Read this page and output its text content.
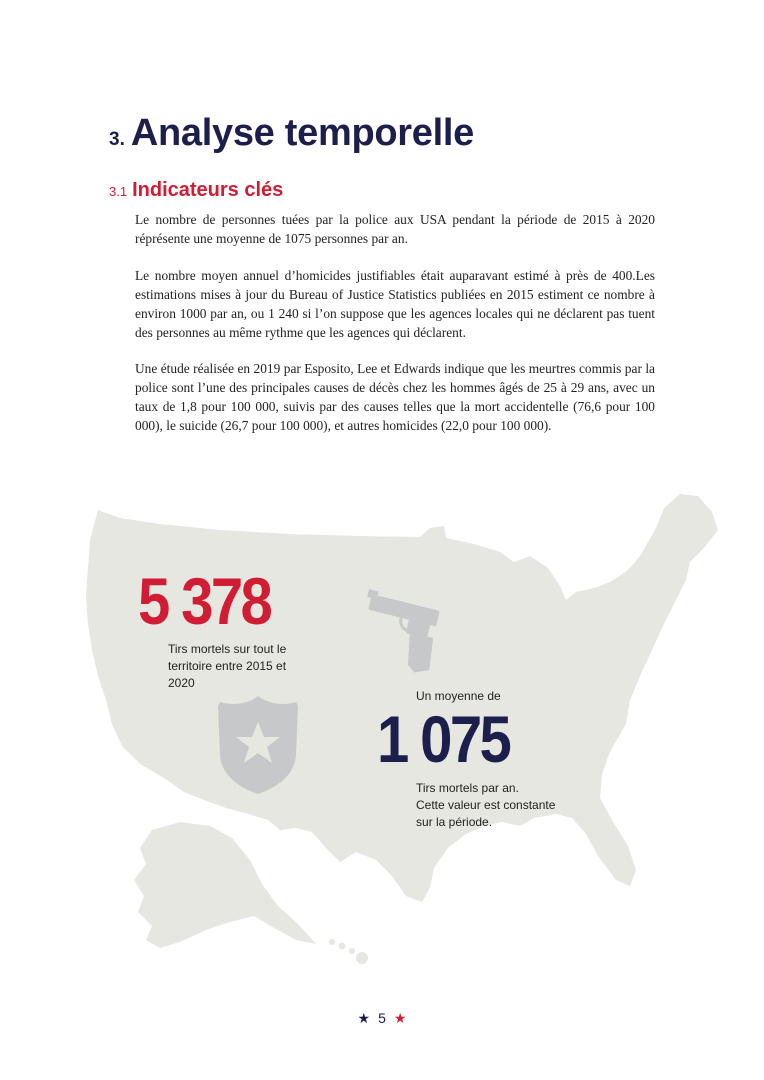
3. Analyse temporelle
3.1 Indicateurs clés

Le nombre de personnes tuées par la police aux USA pendant la période de 2015 à 2020 réprésente une moyenne de 1075 personnes par an.

Le nombre moyen annuel d’homicides justifiables était auparavant estimé à près de 400.Les estimations mises à jour du Bureau of Justice Statistics publiées en 2015 estiment ce nombre à environ 1000 par an, ou 1 240 si l’on suppose que les agences locales qui ne déclarent pas tuent des personnes au même rythme que les agences qui déclarent.

Une étude réalisée en 2019 par Esposito, Lee et Edwards indique que les meurtres commis par la police sont l’une des principales causes de décès chez les hommes âgés de 25 à 29 ans, avec un taux de 1,8 pour 100 000, suivis par des causes telles que la mort accidentelle (76,6 pour 100 000), le suicide (26,7 pour 100 000), et autres homicides (22,0 pour 100 000).

5 378

Tirs mortels sur tout le territoire entre 2015 et 2020

Un moyenne de

1 075
Tirs mortels par an.
Cette valeur est constante
sur la période.
★ 5 ★
